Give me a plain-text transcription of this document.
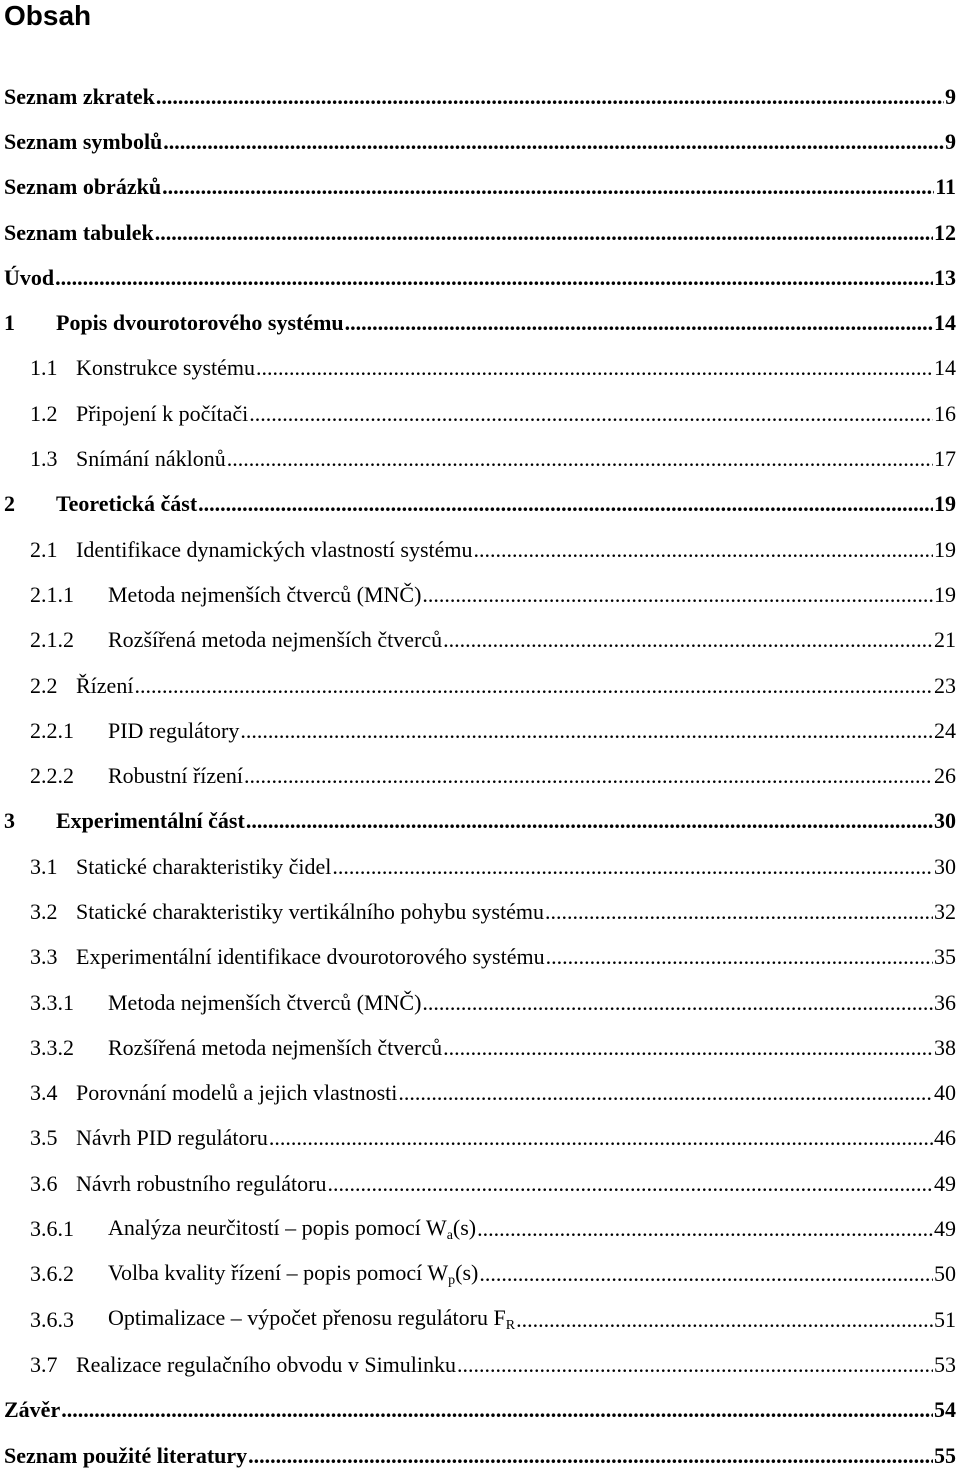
Obsah
Seznam zkratek .....	9
Seznam symbolů .....	9
Seznam obrázků .....	11
Seznam tabulek .....	12
Úvod .....	13
1	Popis dvourotorového systému .....	14
1.1 Konstrukce systému .....	14
1.2 Připojení k počítači .....	16
1.3 Snímání náklonů .....	17
2	Teoretická část .....	19
2.1 Identifikace dynamických vlastností systému .....	19
2.1.1	Metoda nejmenších čtverců (MNČ) .....	19
2.1.2	Rozšířená metoda nejmenších čtverců .....	21
2.2 Řízení .....	23
2.2.1	PID regulátory .....	24
2.2.2	Robustní řízení .....	26
3	Experimentální část .....	30
3.1 Statické charakteristiky čidel .....	30
3.2 Statické charakteristiky vertikálního pohybu systému .....	32
3.3 Experimentální identifikace dvourotorového systému .....	35
3.3.1	Metoda nejmenších čtverců (MNČ) .....	36
3.3.2	Rozšířená metoda nejmenších čtverců .....	38
3.4 Porovnání modelů a jejich vlastnosti .....	40
3.5 Návrh PID regulátoru .....	46
3.6 Návrh robustního regulátoru .....	49
3.6.1	Analýza neurčitostí – popis pomocí Wa(s) .....	49
3.6.2	Volba kvality řízení – popis pomocí Wp(s) .....	50
3.6.3	Optimalizace – výpočet přenosu regulátoru FR .....	51
3.7 Realizace regulačního obvodu v Simulinku .....	53
Závěr .....	54
Seznam použité literatury .....	55
